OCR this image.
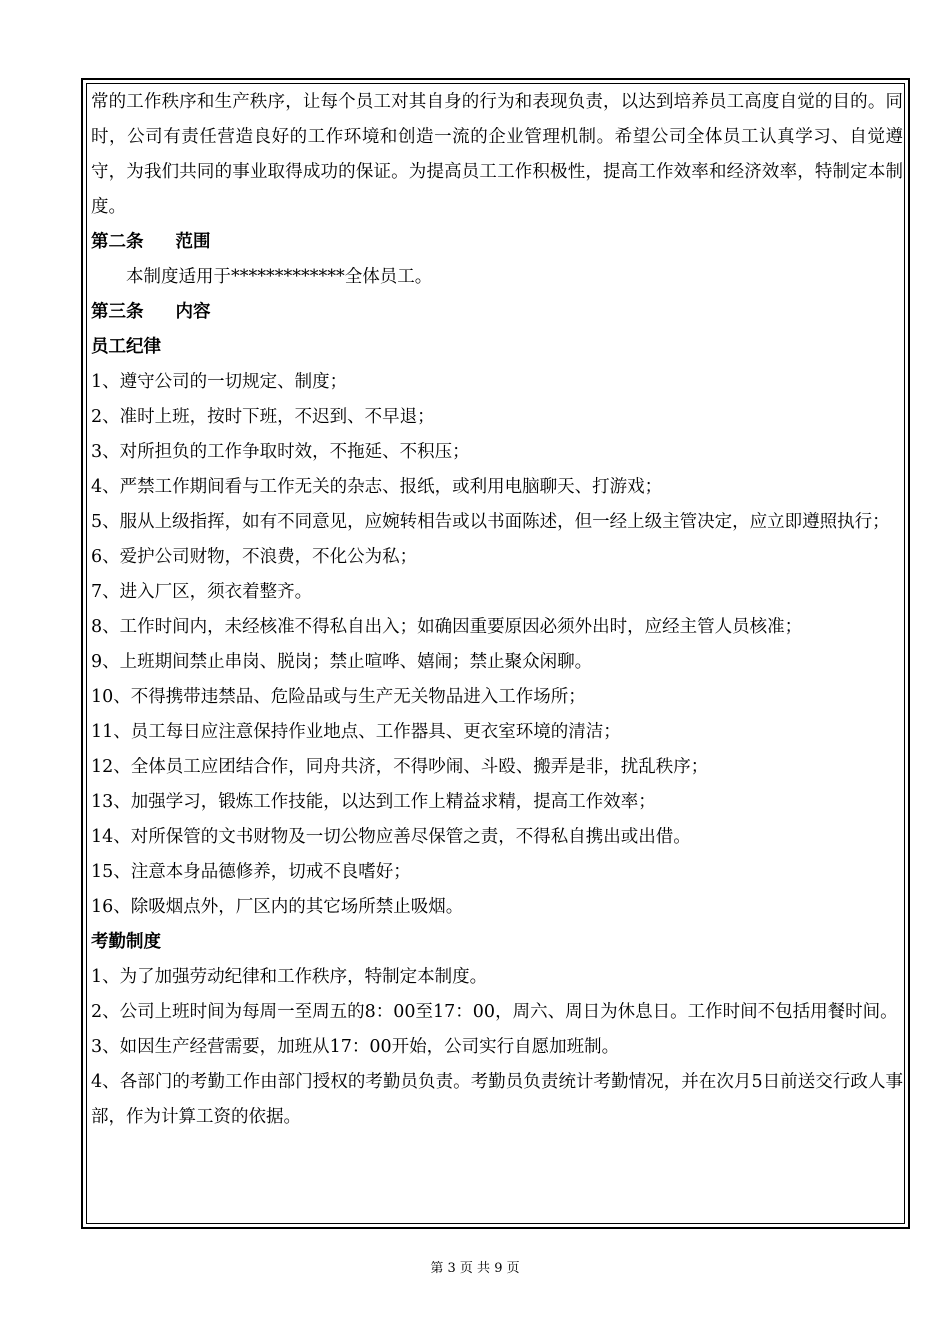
常的工作秩序和生产秩序，让每个员工对其自身的行为和表现负责，以达到培养员工高度自觉的目的。同时，公司有责任营造良好的工作环境和创造一流的企业管理机制。希望公司全体员工认真学习、自觉遵守，为我们共同的事业取得成功的保证。为提高员工工作积极性，提高工作效率和经济效率，特制定本制度。

第二条 范围

本制度适用于*************全体员工。

第三条 内容

员工纪律

1、遵守公司的一切规定、制度；

2、准时上班，按时下班，不迟到、不早退；

3、对所担负的工作争取时效，不拖延、不积压；

4、严禁工作期间看与工作无关的杂志、报纸，或利用电脑聊天、打游戏；

5、服从上级指挥，如有不同意见，应婉转相告或以书面陈述，但一经上级主管决定，应立即遵照执行；

6、爱护公司财物，不浪费，不化公为私；

7、进入厂区，须衣着整齐。

8、工作时间内，未经核准不得私自出入；如确因重要原因必须外出时，应经主管人员核准；

9、上班期间禁止串岗、脱岗；禁止喧哗、嬉闹；禁止聚众闲聊。

10、不得携带违禁品、危险品或与生产无关物品进入工作场所；

11、员工每日应注意保持作业地点、工作器具、更衣室环境的清洁；

12、全体员工应团结合作，同舟共济，不得吵闹、斗殴、搬弄是非，扰乱秩序；

13、加强学习，锻炼工作技能，以达到工作上精益求精，提高工作效率；

14、对所保管的文书财物及一切公物应善尽保管之责，不得私自携出或出借。

15、注意本身品德修养，切戒不良嗜好；

16、除吸烟点外，厂区内的其它场所禁止吸烟。

考勤制度

1、为了加强劳动纪律和工作秩序，特制定本制度。

2、公司上班时间为每周一至周五的8：00至17：00，周六、周日为休息日。工作时间不包括用餐时间。

3、如因生产经营需要，加班从17：00开始，公司实行自愿加班制。

4、各部门的考勤工作由部门授权的考勤员负责。考勤员负责统计考勤情况，并在次月5日前送交行政人事部，作为计算工资的依据。

第 3 页 共 9 页
